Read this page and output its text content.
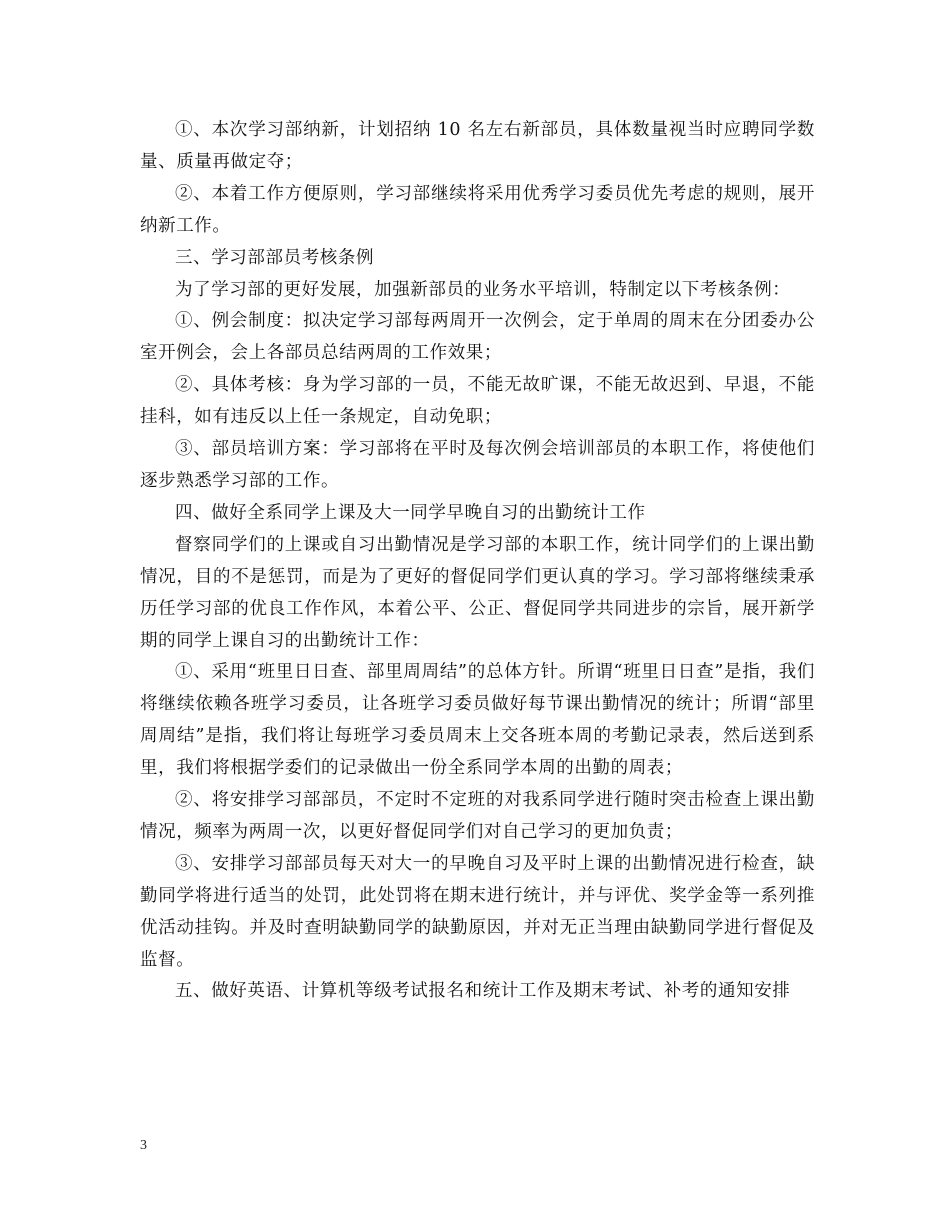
①、本次学习部纳新，计划招纳 10 名左右新部员，具体数量视当时应聘同学数量、质量再做定夺；

②、本着工作方便原则，学习部继续将采用优秀学习委员优先考虑的规则，展开纳新工作。

三、学习部部员考核条例

为了学习部的更好发展，加强新部员的业务水平培训，特制定以下考核条例：

①、例会制度：拟决定学习部每两周开一次例会，定于单周的周末在分团委办公室开例会，会上各部员总结两周的工作效果；

②、具体考核：身为学习部的一员，不能无故旷课，不能无故迟到、早退，不能挂科，如有违反以上任一条规定，自动免职；

③、部员培训方案：学习部将在平时及每次例会培训部员的本职工作，将使他们逐步熟悉学习部的工作。

四、做好全系同学上课及大一同学早晚自习的出勤统计工作

督察同学们的上课或自习出勤情况是学习部的本职工作，统计同学们的上课出勤情况，目的不是惩罚，而是为了更好的督促同学们更认真的学习。学习部将继续秉承历任学习部的优良工作作风，本着公平、公正、督促同学共同进步的宗旨，展开新学期的同学上课自习的出勤统计工作：

①、采用“班里日日查、部里周周结”的总体方针。所谓“班里日日查”是指，我们将继续依赖各班学习委员，让各班学习委员做好每节课出勤情况的统计；所谓“部里周周结”是指，我们将让每班学习委员周末上交各班本周的考勤记录表，然后送到系里，我们将根据学委们的记录做出一份全系同学本周的出勤的周表；

②、将安排学习部部员，不定时不定班的对我系同学进行随时突击检查上课出勤情况，频率为两周一次，以更好督促同学们对自己学习的更加负责；

③、安排学习部部员每天对大一的早晚自习及平时上课的出勤情况进行检查，缺勤同学将进行适当的处罚，此处罚将在期末进行统计，并与评优、奖学金等一系列推优活动挂钩。并及时查明缺勤同学的缺勤原因，并对无正当理由缺勤同学进行督促及监督。

五、做好英语、计算机等级考试报名和统计工作及期末考试、补考的通知安排

3
